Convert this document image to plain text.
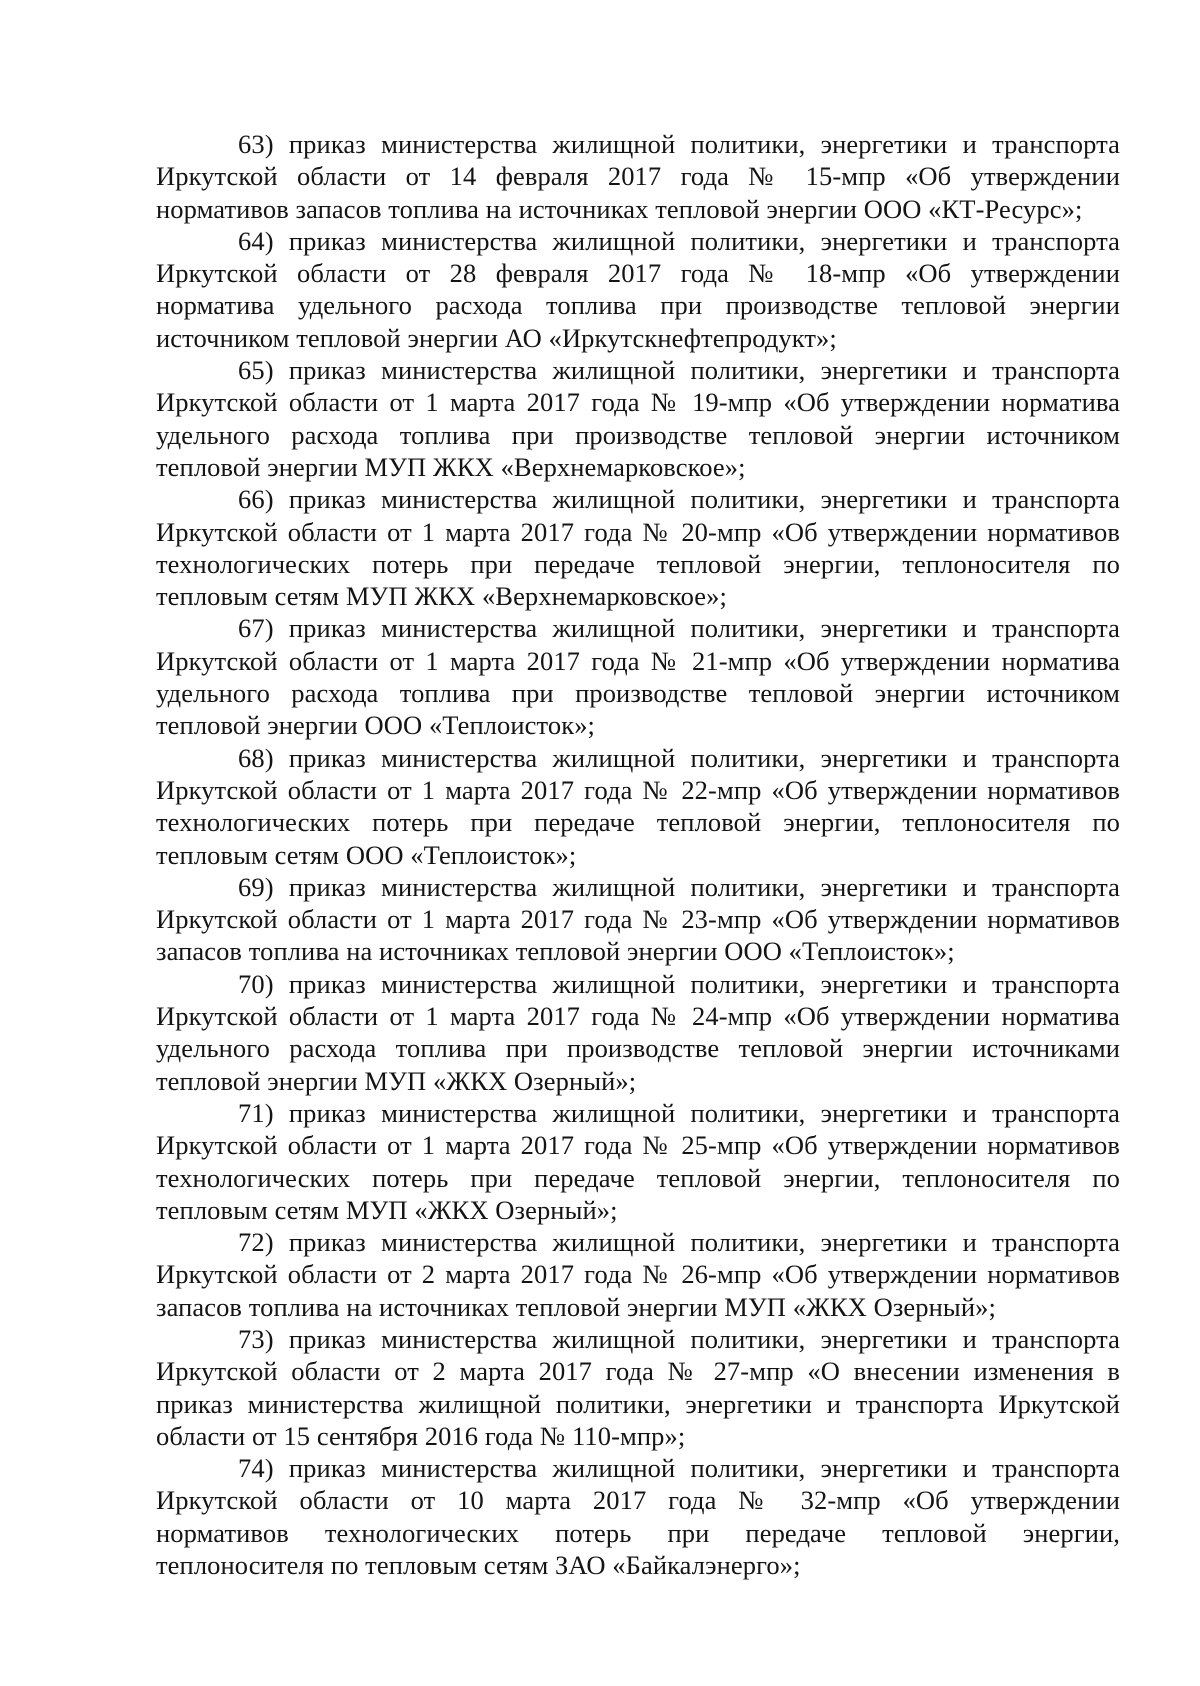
63) приказ министерства жилищной политики, энергетики и транспорта
Иркутской области от 14 февраля 2017 года № 15-мпр «Об утверждении
нормативов запасов топлива на источниках тепловой энергии ООО «КТ-Ресурс»;
64) приказ министерства жилищной политики, энергетики и транспорта
Иркутской области от 28 февраля 2017 года № 18-мпр «Об утверждении
норматива удельного расхода топлива при производстве тепловой энергии
источником тепловой энергии АО «Иркутскнефтепродукт»;
65) приказ министерства жилищной политики, энергетики и транспорта
Иркутской области от 1 марта 2017 года № 19-мпр «Об утверждении норматива
удельного расхода топлива при производстве тепловой энергии источником
тепловой энергии МУП ЖКХ «Верхнемарковское»;
66) приказ министерства жилищной политики, энергетики и транспорта
Иркутской области от 1 марта 2017 года № 20-мпр «Об утверждении нормативов
технологических потерь при передаче тепловой энергии, теплоносителя по
тепловым сетям МУП ЖКХ «Верхнемарковское»;
67) приказ министерства жилищной политики, энергетики и транспорта
Иркутской области от 1 марта 2017 года № 21-мпр «Об утверждении норматива
удельного расхода топлива при производстве тепловой энергии источником
тепловой энергии ООО «Теплоисток»;
68) приказ министерства жилищной политики, энергетики и транспорта
Иркутской области от 1 марта 2017 года № 22-мпр «Об утверждении нормативов
технологических потерь при передаче тепловой энергии, теплоносителя по
тепловым сетям ООО «Теплоисток»;
69) приказ министерства жилищной политики, энергетики и транспорта
Иркутской области от 1 марта 2017 года № 23-мпр «Об утверждении нормативов
запасов топлива на источниках тепловой энергии ООО «Теплоисток»;
70) приказ министерства жилищной политики, энергетики и транспорта
Иркутской области от 1 марта 2017 года № 24-мпр «Об утверждении норматива
удельного расхода топлива при производстве тепловой энергии источниками
тепловой энергии МУП «ЖКХ Озерный»;
71) приказ министерства жилищной политики, энергетики и транспорта
Иркутской области от 1 марта 2017 года № 25-мпр «Об утверждении нормативов
технологических потерь при передаче тепловой энергии, теплоносителя по
тепловым сетям МУП «ЖКХ Озерный»;
72) приказ министерства жилищной политики, энергетики и транспорта
Иркутской области от 2 марта 2017 года № 26-мпр «Об утверждении нормативов
запасов топлива на источниках тепловой энергии МУП «ЖКХ Озерный»;
73) приказ министерства жилищной политики, энергетики и транспорта
Иркутской области от 2 марта 2017 года № 27-мпр «О внесении изменения в
приказ министерства жилищной политики, энергетики и транспорта Иркутской
области от 15 сентября 2016 года № 110-мпр»;
74) приказ министерства жилищной политики, энергетики и транспорта
Иркутской области от 10 марта 2017 года № 32-мпр «Об утверждении
нормативов технологических потерь при передаче тепловой энергии,
теплоносителя по тепловым сетям ЗАО «Байкалэнерго»;
